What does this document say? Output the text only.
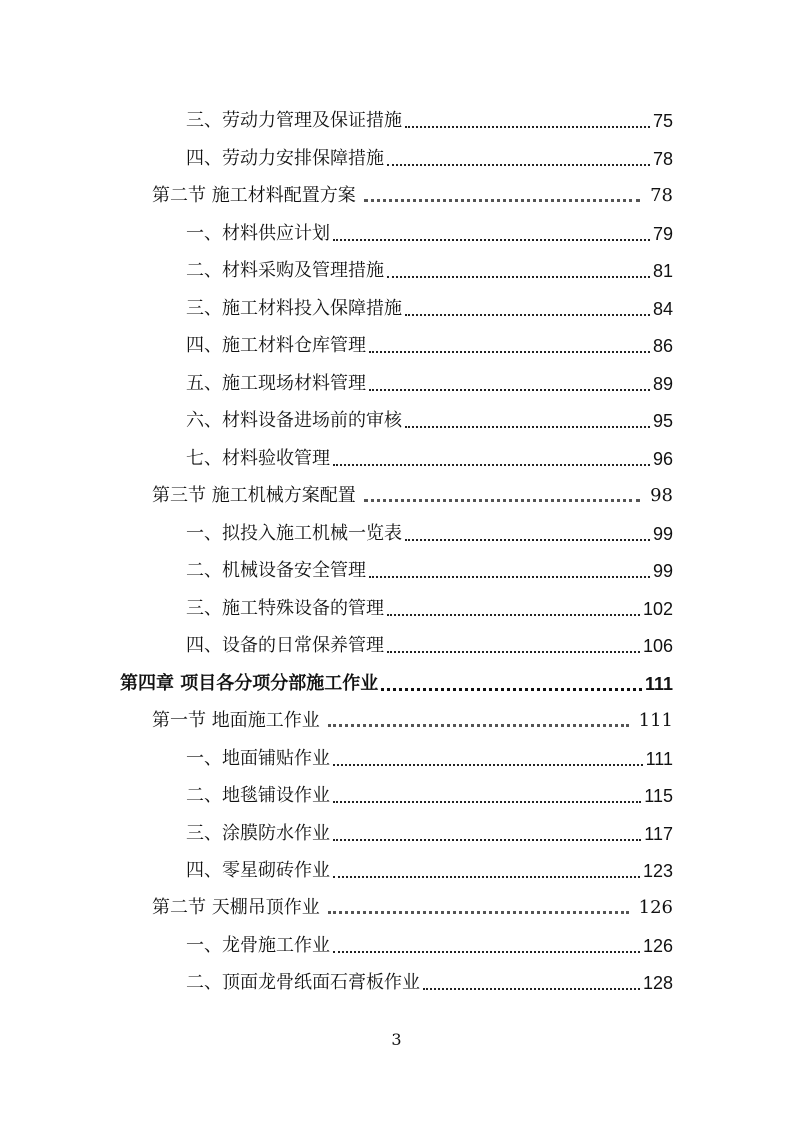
三、劳动力管理及保证措施	75
四、劳动力安排保障措施	78
第二节 施工材料配置方案	78
一、材料供应计划	79
二、材料采购及管理措施	81
三、施工材料投入保障措施	84
四、施工材料仓库管理	86
五、施工现场材料管理	89
六、材料设备进场前的审核	95
七、材料验收管理	96
第三节 施工机械方案配置	98
一、拟投入施工机械一览表	99
二、机械设备安全管理	99
三、施工特殊设备的管理	102
四、设备的日常保养管理	106
第四章 项目各分项分部施工作业	111
第一节 地面施工作业	111
一、地面铺贴作业	111
二、地毯铺设作业	115
三、涂膜防水作业	117
四、零星砌砖作业	123
第二节 天棚吊顶作业	126
一、龙骨施工作业	126
二、顶面龙骨纸面石膏板作业	128
3
